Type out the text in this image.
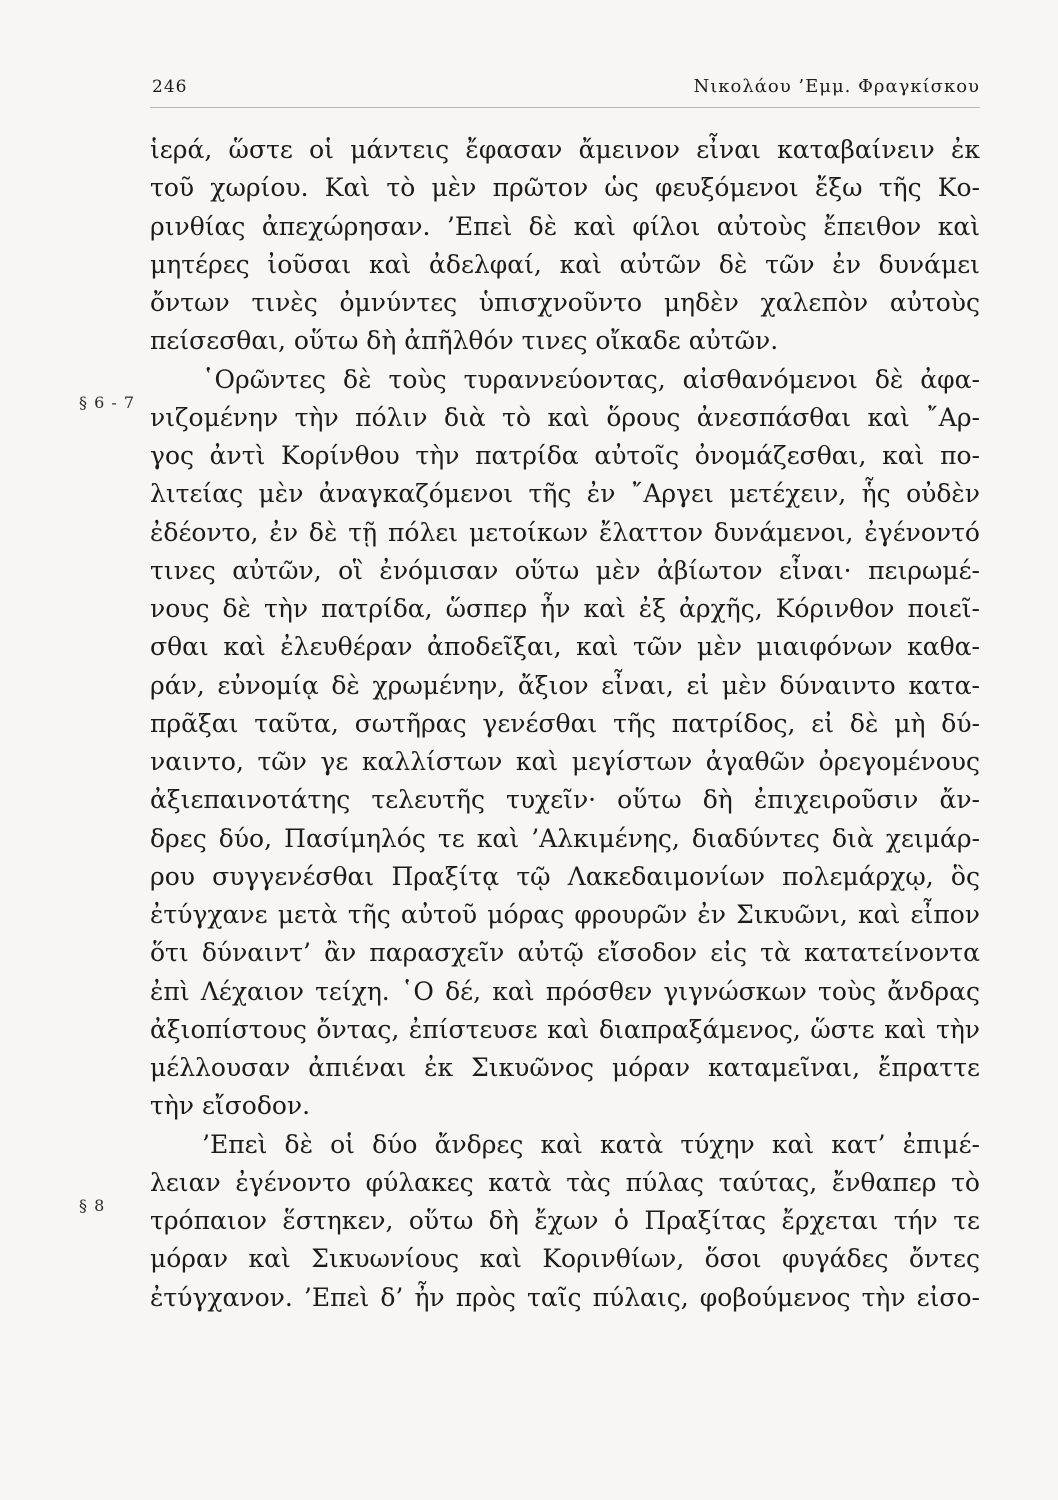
246	Νικολάου ’Εμμ. Φραγκίσκου
§ 6 - 7
§ 8
ἱερά, ὥστε οἱ μάντεις ἔφασαν ἄμεινον εἶναι καταβαίνειν ἐκ
τοῦ χωρίου. Καὶ τὸ μὲν πρῶτον ὡς φευξόμενοι ἔξω τῆς Κο-
ρινθίας ἀπεχώρησαν. ’Επεὶ δὲ καὶ φίλοι αὐτοὺς ἔπειθον καὶ
μητέρες ἰοῦσαι καὶ ἀδελφαί, καὶ αὐτῶν δὲ τῶν ἐν δυνάμει
ὄντων τινὲς ὀμνύντες ὑπισχνοῦντο μηδὲν χαλεπὸν αὐτοὺς
πείσεσθαι, οὕτω δὴ ἀπῆλθόν τινες οἴκαδε αὐτῶν.
῾Ορῶντες δὲ τοὺς τυραννεύοντας, αἰσθανόμενοι δὲ ἀφα-
νιζομένην τὴν πόλιν διὰ τὸ καὶ ὅρους ἀνεσπάσθαι καὶ ῎Αρ-
γος ἀντὶ Κορίνθου τὴν πατρίδα αὐτοῖς ὀνομάζεσθαι, καὶ πο-
λιτείας μὲν ἀναγκαζόμενοι τῆς ἐν ῎Αργει μετέχειν, ἧς οὐδὲν
ἐδέοντο, ἐν δὲ τῇ πόλει μετοίκων ἔλαττον δυνάμενοι, ἐγένοντό
τινες αὐτῶν, οἳ ἐνόμισαν οὕτω μὲν ἀβίωτον εἶναι· πειρωμέ-
νους δὲ τὴν πατρίδα, ὥσπερ ἦν καὶ ἐξ ἀρχῆς, Κόρινθον ποιεῖ-
σθαι καὶ ἐλευθέραν ἀποδεῖξαι, καὶ τῶν μὲν μιαιφόνων καθα-
ράν, εὐνομίᾳ δὲ χρωμένην, ἄξιον εἶναι, εἰ μὲν δύναιντο κατα-
πρᾶξαι ταῦτα, σωτῆρας γενέσθαι τῆς πατρίδος, εἰ δὲ μὴ δύ-
ναιντο, τῶν γε καλλίστων καὶ μεγίστων ἀγαθῶν ὀρεγομένους
ἀξιεπαινοτάτης τελευτῆς τυχεῖν· οὕτω δὴ ἐπιχειροῦσιν ἄν-
δρες δύο, Πασίμηλός τε καὶ ’Αλκιμένης, διαδύντες διὰ χειμάρ-
ρου συγγενέσθαι Πραξίτᾳ τῷ Λακεδαιμονίων πολεμάρχῳ, ὃς
ἐτύγχανε μετὰ τῆς αὐτοῦ μόρας φρουρῶν ἐν Σικυῶνι, καὶ εἶπον
ὅτι δύναιντ’ ἂν παρασχεῖν αὐτῷ εἴσοδον εἰς τὰ κατατείνοντα
ἐπὶ Λέχαιον τείχη. ῾Ο δέ, καὶ πρόσθεν γιγνώσκων τοὺς ἄνδρας
ἀξιοπίστους ὄντας, ἐπίστευσε καὶ διαπραξάμενος, ὥστε καὶ τὴν
μέλλουσαν ἀπιέναι ἐκ Σικυῶνος μόραν καταμεῖναι, ἔπραττε
τὴν εἴσοδον.
’Επεὶ δὲ οἱ δύο ἄνδρες καὶ κατὰ τύχην καὶ κατ’ ἐπιμέ-
λειαν ἐγένοντο φύλακες κατὰ τὰς πύλας ταύτας, ἔνθαπερ τὸ
τρόπαιον ἕστηκεν, οὕτω δὴ ἔχων ὁ Πραξίτας ἔρχεται τήν τε
μόραν καὶ Σικυωνίους καὶ Κορινθίων, ὅσοι φυγάδες ὄντες
ἐτύγχανον. ’Επεὶ δ’ ἦν πρὸς ταῖς πύλαις, φοβούμενος τὴν εἰσο-
